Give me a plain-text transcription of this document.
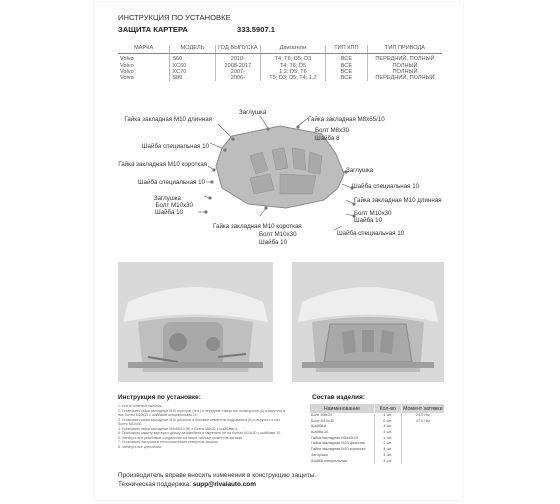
ИНСТРУКЦИЯ ПО УСТАНОВКЕ
ЗАЩИТА КАРТЕРА	333.5907.1
МАРКА	МОДЕЛЬ	ГОД ВЫПУСКА	Двигатели	ТИП КПП	ТИП ПРИВОДА

Volvo	S60	2010-	T4; T6; D5; D3	ВСЕ	ПЕРЕДНИЙ, ПОЛНЫЙ
Volvo	XC60	2008-2017	T4; T6; D5	ВСЕ	ПОЛНЫЙ
Volvo	XC70	2007-	1,2; D5; T6	ВСЕ	ПОЛНЫЙ
Volvo	S80	2006-	T5; D3; D5; T4; 1,2	ВСЕ	ПЕРЕДНИЙ, ПОЛНЫЙ
Заглушка
Гайка закладная М10 длинная	Гайка закладная М8х65/10
Болт М8х30
Шайба 8
Шайба специальная 10
Гайка закладная М10 короткая
Заглушка
Шайба специальная 10
Шайба специальная 10
Заглушка	Гайка закладная М10 длинная
Болт М10х30
Шайба 10	Болт М10х30
Шайба 10
Гайка закладная М10 короткая
Шайба специальная 10
Болт М10х30
Шайба 10
Инструкция по установке:
1. Снять штатный пыльник.
2. Установить гайки закладные М10 короткие (поз.) в передние отверстия лонжеронов (А) и вкрутить в них болты М10х30 с шайбами специальными 10.
3. Установить гайки закладные М10 длинные в боковые отверстия подрамника (Б) и вкрутить в них болты М10х30.
4. Установить гайки закладные М8х65/10 (В) и болты М8х30 с шайбами 8.
5. Приложить защиту картера к днищу автомобиля и закрепить её на болтах М10х30 с шайбами 10.
6. Затянуть все резьбовые соединения согласно таблице моментов затяжки.
7. Установить заглушки в технологические отверстия защиты.
8. Затянуть все крепления.
Состав изделия:
Наименование	Кол-во	Момент затяжки
Болт М8х30	4 шт.	24,0 Нм
Болт М10х30	6 шт.	47,0 Нм
Шайба 8	4 шт.	
Шайба 10	4 шт.	
Гайка закладная М8х65/10	4 шт.	
Гайка закладная М10 длинная	2 шт.	
Гайка закладная М10 короткая	4 шт.	
Заглушка	4 шт.	
Шайба специальная	4 шт.	
Производитель вправе вносить изменения в конструкцию защиты.
Техническая поддержка: supp@rivalauto.com
